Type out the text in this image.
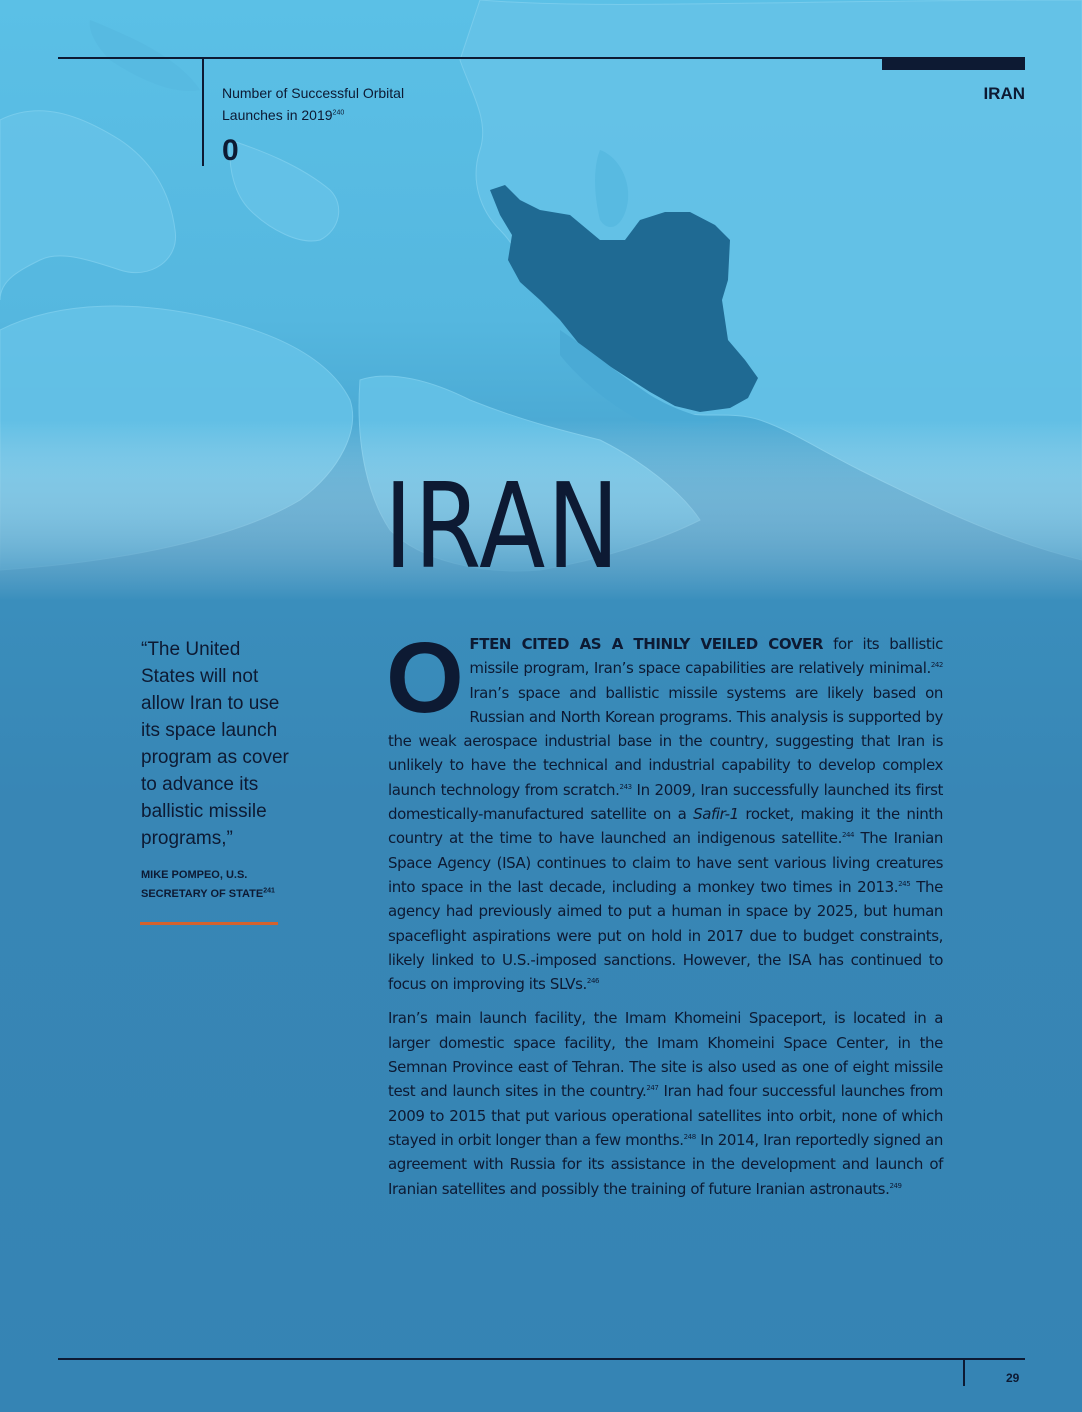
Number of Successful Orbital
Launches in 2019$^{240}$
0
IRAN
IRAN
“The United States will not allow Iran to use its space launch program as cover to advance its ballistic missile programs,”
MIKE POMPEO, U.S.
SECRETARY OF STATE$^{241}$

OFTEN CITED AS A THINLY VEILED COVER for its ballistic missile program, Iran’s space capabilities are relatively minimal.$^{242}$ Iran’s space and ballistic missile systems are likely based on Russian and North Korean programs. This analysis is supported by the weak aerospace industrial base in the country, suggesting that Iran is unlikely to have the technical and industrial capability to develop complex launch technology from scratch.$^{243}$ In 2009, Iran successfully launched its first domestically-manufactured satellite on a Safir-1 rocket, making it the ninth country at the time to have launched an indigenous satellite.$^{244}$ The Iranian Space Agency (ISA) continues to claim to have sent various living creatures into space in the last decade, including a monkey two times in 2013.$^{245}$ The agency had previously aimed to put a human in space by 2025, but human spaceflight aspirations were put on hold in 2017 due to budget constraints, likely linked to U.S.-imposed sanctions. However, the ISA has continued to focus on improving its SLVs.$^{246}$

Iran’s main launch facility, the Imam Khomeini Spaceport, is located in a larger domestic space facility, the Imam Khomeini Space Center, in the Semnan Province east of Tehran. The site is also used as one of eight missile test and launch sites in the country.$^{247}$ Iran had four successful launches from 2009 to 2015 that put various operational satellites into orbit, none of which stayed in orbit longer than a few months.$^{248}$ In 2014, Iran reportedly signed an agreement with Russia for its assistance in the development and launch of Iranian satellites and possibly the training of future Iranian astronauts.$^{249}$

29
